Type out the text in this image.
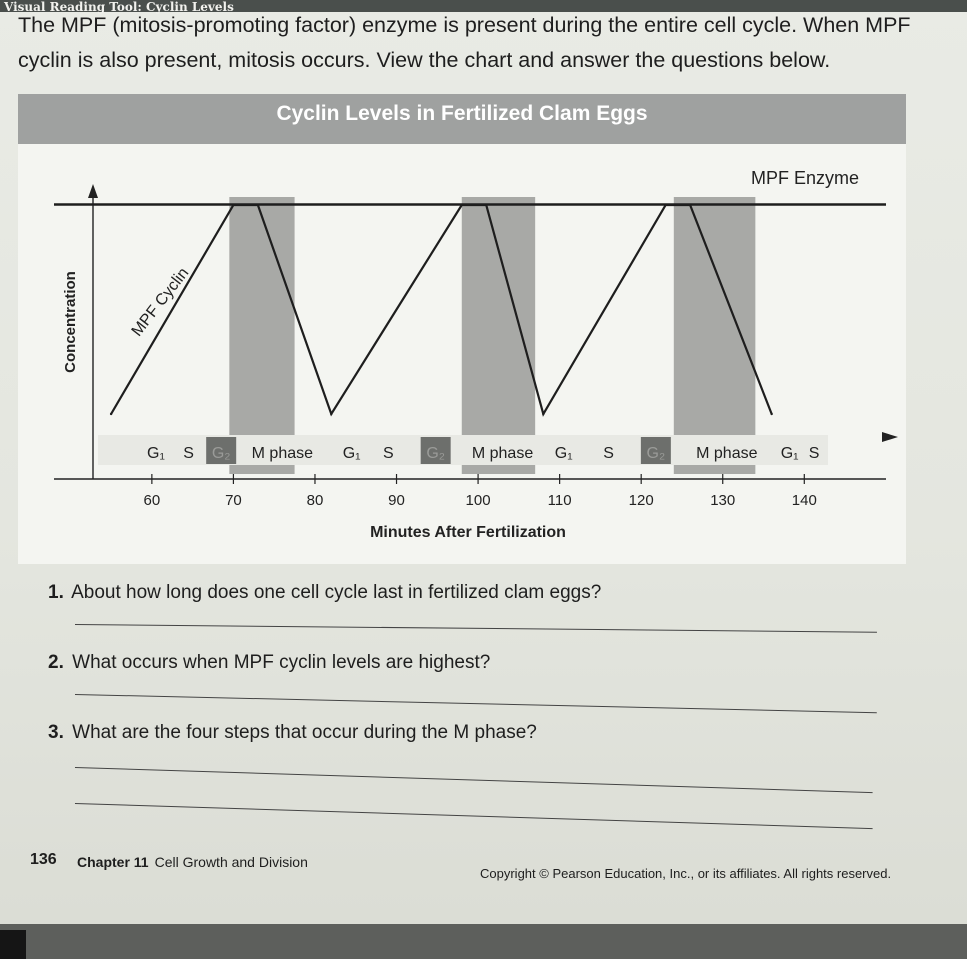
Visual Reading Tool: Cyclin Levels
The MPF (mitosis-promoting factor) enzyme is present during the entire cell cycle. When MPF
cyclin is also present, mitosis occurs. View the chart and answer the questions below.
Cyclin Levels in Fertilized Clam Eggs
G₁ S G₂ M phase G₁ S G₂ M phase G₁ S G₂ M phase G₁ S
60	70	80	90	100	110	120	130	140
Minutes After Fertilization
Concentration
MPF Enzyme
MPF Cyclin
1. About how long does one cell cycle last in fertilized clam eggs?
2. What occurs when MPF cyclin levels are highest?
3. What are the four steps that occur during the M phase?
136 Chapter 11 Cell Growth and Division
Copyright © Pearson Education, Inc., or its affiliates. All rights reserved.
